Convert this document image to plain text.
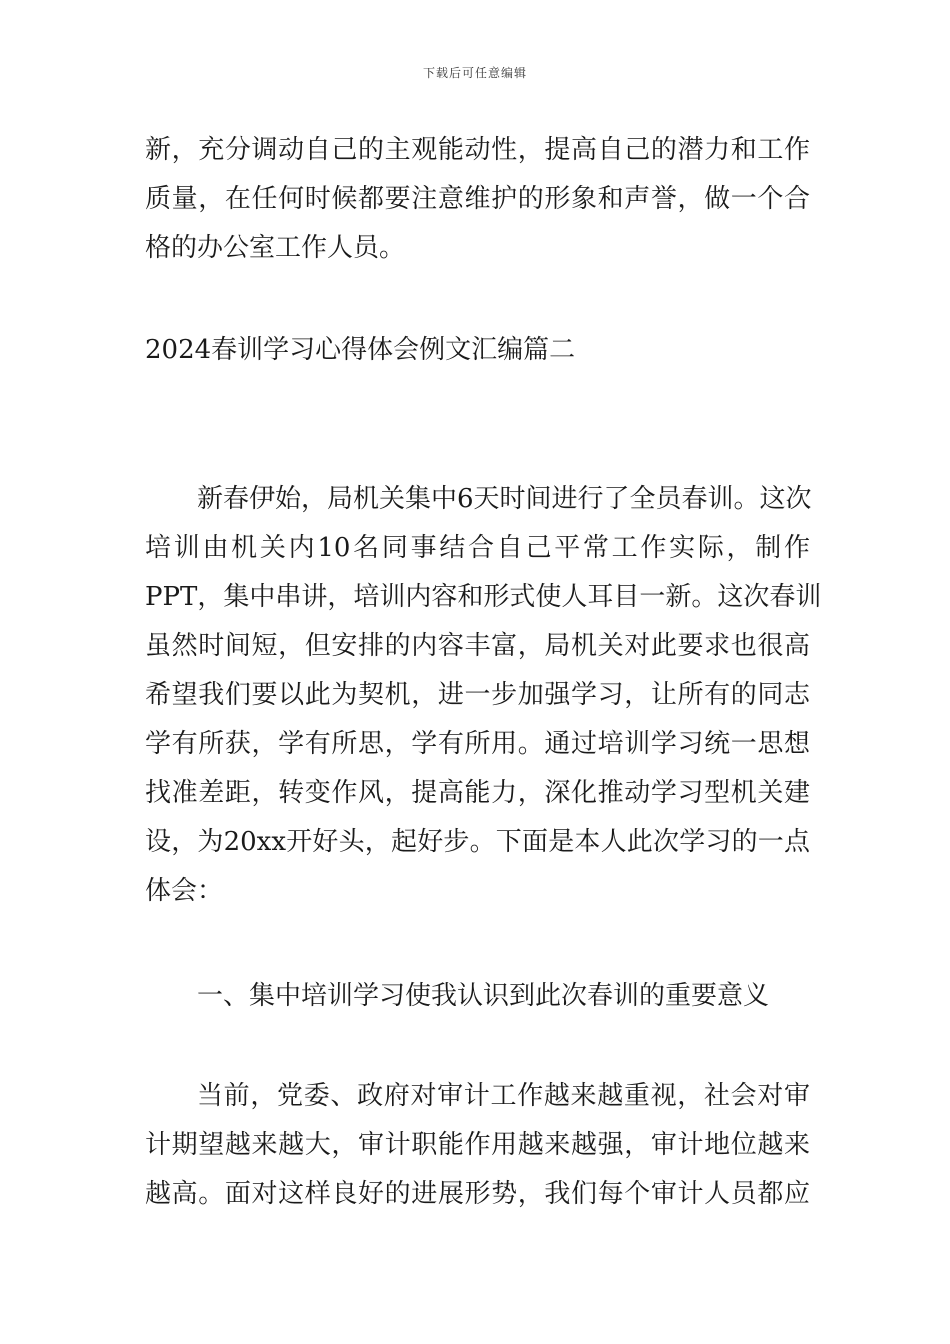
下载后可任意编辑
新，充分调动自己的主观能动性，提高自己的潜力和工作
质量，在任何时候都要注意维护的形象和声誉，做一个合
格的办公室工作人员。
2024春训学习心得体会例文汇编篇二
新春伊始，局机关集中6天时间进行了全员春训。这次
培训由机关内10名同事结合自己平常工作实际，制作
PPT，集中串讲，培训内容和形式使人耳目一新。这次春训
虽然时间短，但安排的内容丰富，局机关对此要求也很高
希望我们要以此为契机，进一步加强学习，让所有的同志
学有所获，学有所思，学有所用。通过培训学习统一思想
找准差距，转变作风，提高能力，深化推动学习型机关建
设，为20xx开好头，起好步。下面是本人此次学习的一点
体会：
一、集中培训学习使我认识到此次春训的重要意义
当前，党委、政府对审计工作越来越重视，社会对审
计期望越来越大，审计职能作用越来越强，审计地位越来
越高。面对这样良好的进展形势，我们每个审计人员都应
